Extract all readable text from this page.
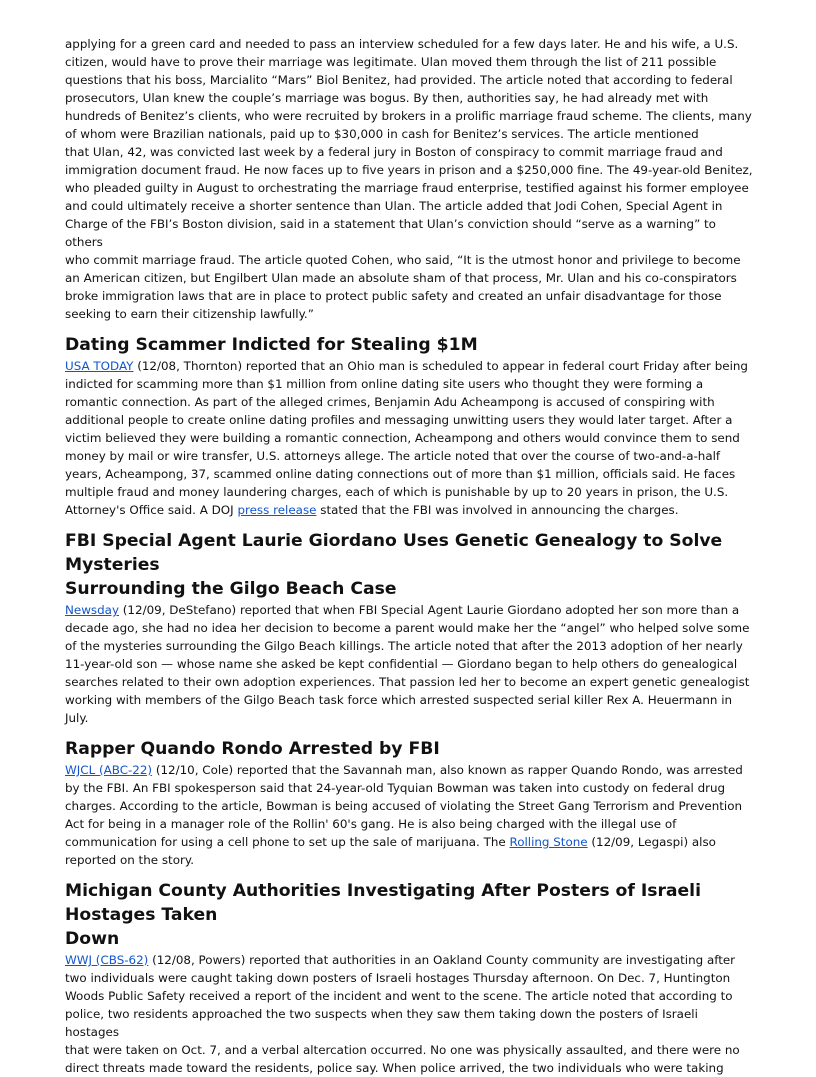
applying for a green card and needed to pass an interview scheduled for a few days later. He and his wife, a U.S.
citizen, would have to prove their marriage was legitimate. Ulan moved them through the list of 211 possible
questions that his boss, Marcialito “Mars” Biol Benitez, had provided. The article noted that according to federal
prosecutors, Ulan knew the couple’s marriage was bogus. By then, authorities say, he had already met with
hundreds of Benitez’s clients, who were recruited by brokers in a prolific marriage fraud scheme. The clients, many
of whom were Brazilian nationals, paid up to $30,000 in cash for Benitez’s services. The article mentioned
that Ulan, 42, was convicted last week by a federal jury in Boston of conspiracy to commit marriage fraud and
immigration document fraud. He now faces up to five years in prison and a $250,000 fine. The 49-year-old Benitez,
who pleaded guilty in August to orchestrating the marriage fraud enterprise, testified against his former employee
and could ultimately receive a shorter sentence than Ulan. The article added that Jodi Cohen, Special Agent in
Charge of the FBI’s Boston division, said in a statement that Ulan’s conviction should “serve as a warning” to others
who commit marriage fraud. The article quoted Cohen, who said, “It is the utmost honor and privilege to become
an American citizen, but Engilbert Ulan made an absolute sham of that process, Mr. Ulan and his co-conspirators
broke immigration laws that are in place to protect public safety and created an unfair disadvantage for those
seeking to earn their citizenship lawfully.”

Dating Scammer Indicted for Stealing $1M

USA TODAY (12/08, Thornton) reported that an Ohio man is scheduled to appear in federal court Friday after being
indicted for scamming more than $1 million from online dating site users who thought they were forming a
romantic connection. As part of the alleged crimes, Benjamin Adu Acheampong is accused of conspiring with
additional people to create online dating profiles and messaging unwitting users they would later target. After a
victim believed they were building a romantic connection, Acheampong and others would convince them to send
money by mail or wire transfer, U.S. attorneys allege. The article noted that over the course of two-and-a-half
years, Acheampong, 37, scammed online dating connections out of more than $1 million, officials said. He faces
multiple fraud and money laundering charges, each of which is punishable by up to 20 years in prison, the U.S.
Attorney's Office said. A DOJ press release stated that the FBI was involved in announcing the charges.

FBI Special Agent Laurie Giordano Uses Genetic Genealogy to Solve Mysteries
Surrounding the Gilgo Beach Case

Newsday (12/09, DeStefano) reported that when FBI Special Agent Laurie Giordano adopted her son more than a
decade ago, she had no idea her decision to become a parent would make her the “angel” who helped solve some
of the mysteries surrounding the Gilgo Beach killings. The article noted that after the 2013 adoption of her nearly
11-year-old son — whose name she asked be kept confidential — Giordano began to help others do genealogical
searches related to their own adoption experiences. That passion led her to become an expert genetic genealogist
working with members of the Gilgo Beach task force which arrested suspected serial killer Rex A. Heuermann in
July.

Rapper Quando Rondo Arrested by FBI

WJCL (ABC-22) (12/10, Cole) reported that the Savannah man, also known as rapper Quando Rondo, was arrested
by the FBI. An FBI spokesperson said that 24-year-old Tyquian Bowman was taken into custody on federal drug
charges. According to the article, Bowman is being accused of violating the Street Gang Terrorism and Prevention
Act for being in a manager role of the Rollin' 60's gang. He is also being charged with the illegal use of
communication for using a cell phone to set up the sale of marijuana. The Rolling Stone (12/09, Legaspi) also
reported on the story.

Michigan County Authorities Investigating After Posters of Israeli Hostages Taken
Down

WWJ (CBS-62) (12/08, Powers) reported that authorities in an Oakland County community are investigating after
two individuals were caught taking down posters of Israeli hostages Thursday afternoon. On Dec. 7, Huntington
Woods Public Safety received a report of the incident and went to the scene. The article noted that according to
police, two residents approached the two suspects when they saw them taking down the posters of Israeli hostages
that were taken on Oct. 7, and a verbal altercation occurred. No one was physically assaulted, and there were no
direct threats made toward the residents, police say. When police arrived, the two individuals who were taking
